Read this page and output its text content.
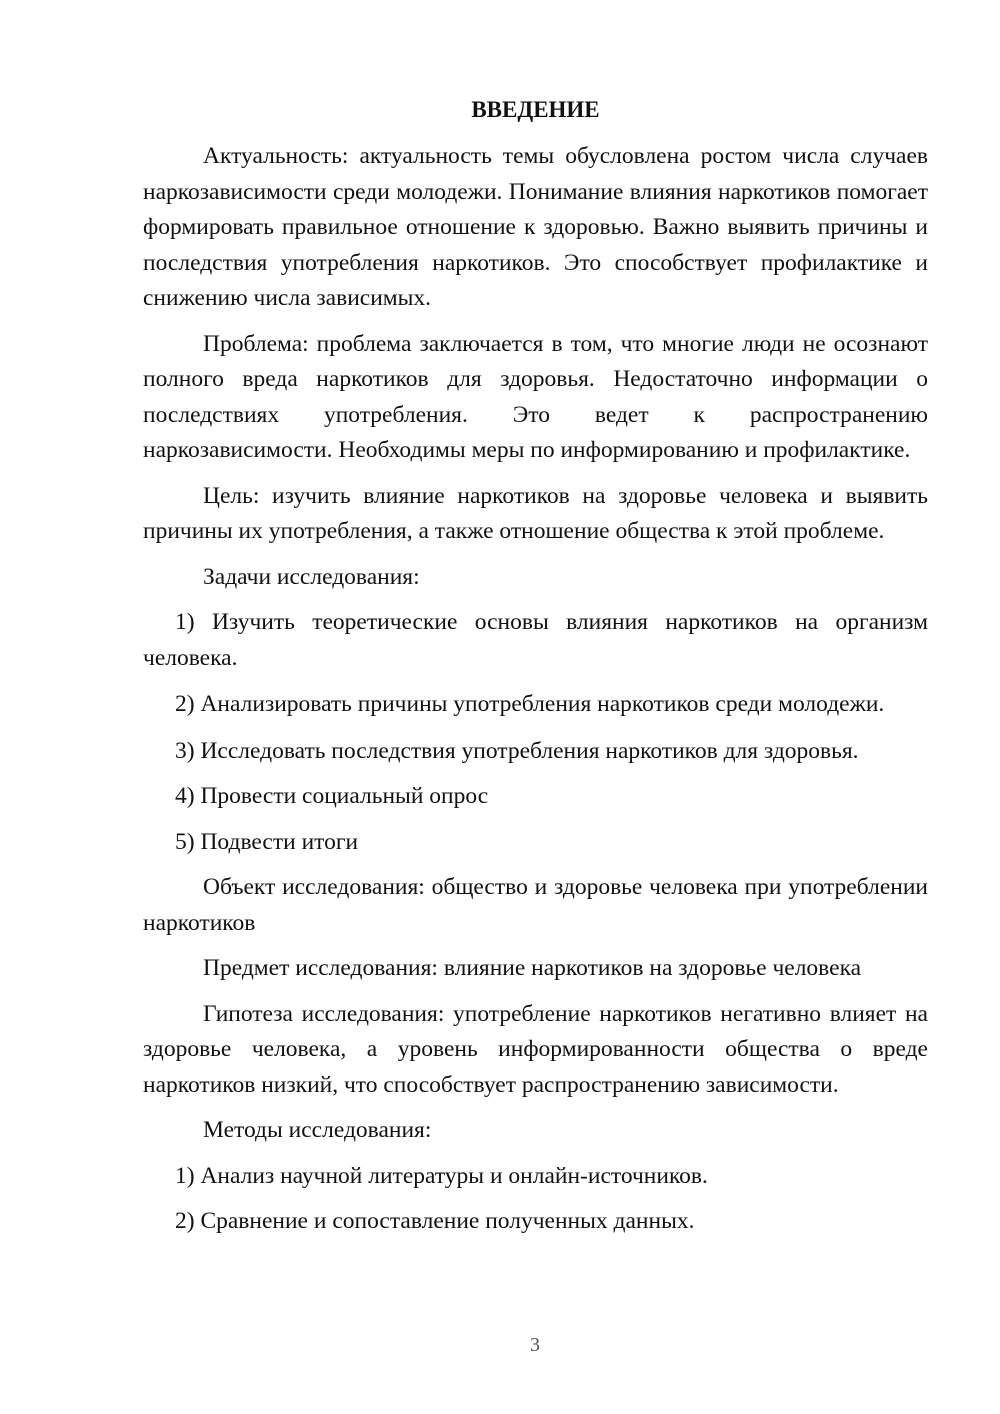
ВВЕДЕНИЕ

Актуальность: актуальность темы обусловлена ростом числа случаев наркозависимости среди молодежи. Понимание влияния наркотиков помогает формировать правильное отношение к здоровью. Важно выявить причины и последствия употребления наркотиков. Это способствует профилактике и снижению числа зависимых.

Проблема: проблема заключается в том, что многие люди не осознают полного вреда наркотиков для здоровья. Недостаточно информации о последствиях употребления. Это ведет к распространению наркозависимости. Необходимы меры по информированию и профилактике.

Цель: изучить влияние наркотиков на здоровье человека и выявить причины их употребления, а также отношение общества к этой проблеме.

Задачи исследования:

1) Изучить теоретические основы влияния наркотиков на организм человека.

2) Анализировать причины употребления наркотиков среди молодежи.

3) Исследовать последствия употребления наркотиков для здоровья.

4) Провести социальный опрос

5) Подвести итоги

Объект исследования: общество и здоровье человека при употреблении наркотиков

Предмет исследования: влияние наркотиков на здоровье человека

Гипотеза исследования: употребление наркотиков негативно влияет на здоровье человека, а уровень информированности общества о вреде наркотиков низкий, что способствует распространению зависимости.

Методы исследования:

1) Анализ научной литературы и онлайн-источников.

2) Сравнение и сопоставление полученных данных.

3
